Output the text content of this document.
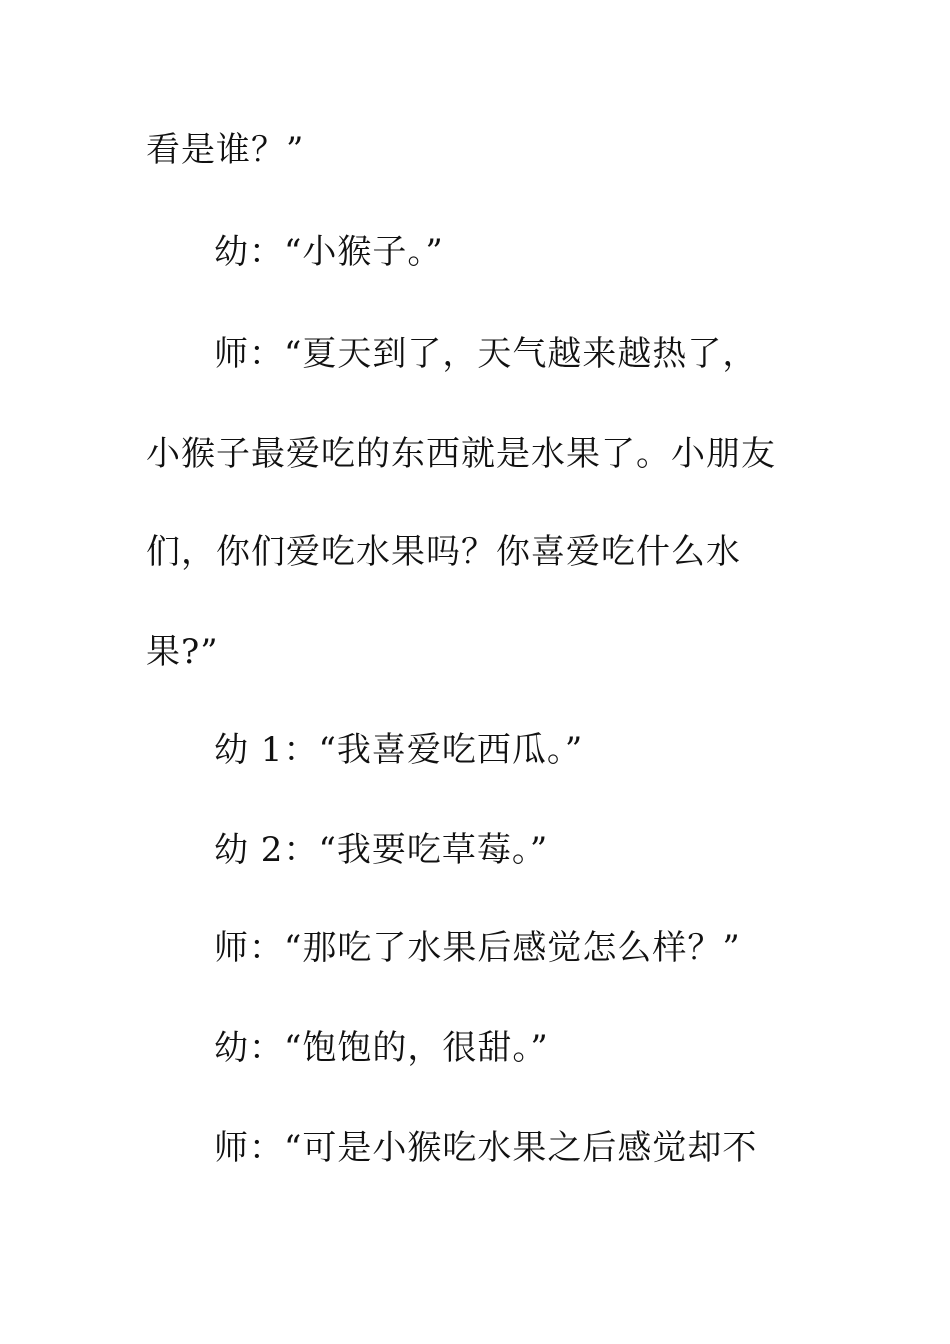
看是谁？”
幼：“小猴子。”
师：“夏天到了，天气越来越热了，
小猴子最爱吃的东西就是水果了。小朋友
们，你们爱吃水果吗？你喜爱吃什么水
果?”
幼 1：“我喜爱吃西瓜。”
幼 2：“我要吃草莓。”
师：“那吃了水果后感觉怎么样？”
幼：“饱饱的，很甜。”
师：“可是小猴吃水果之后感觉却不
